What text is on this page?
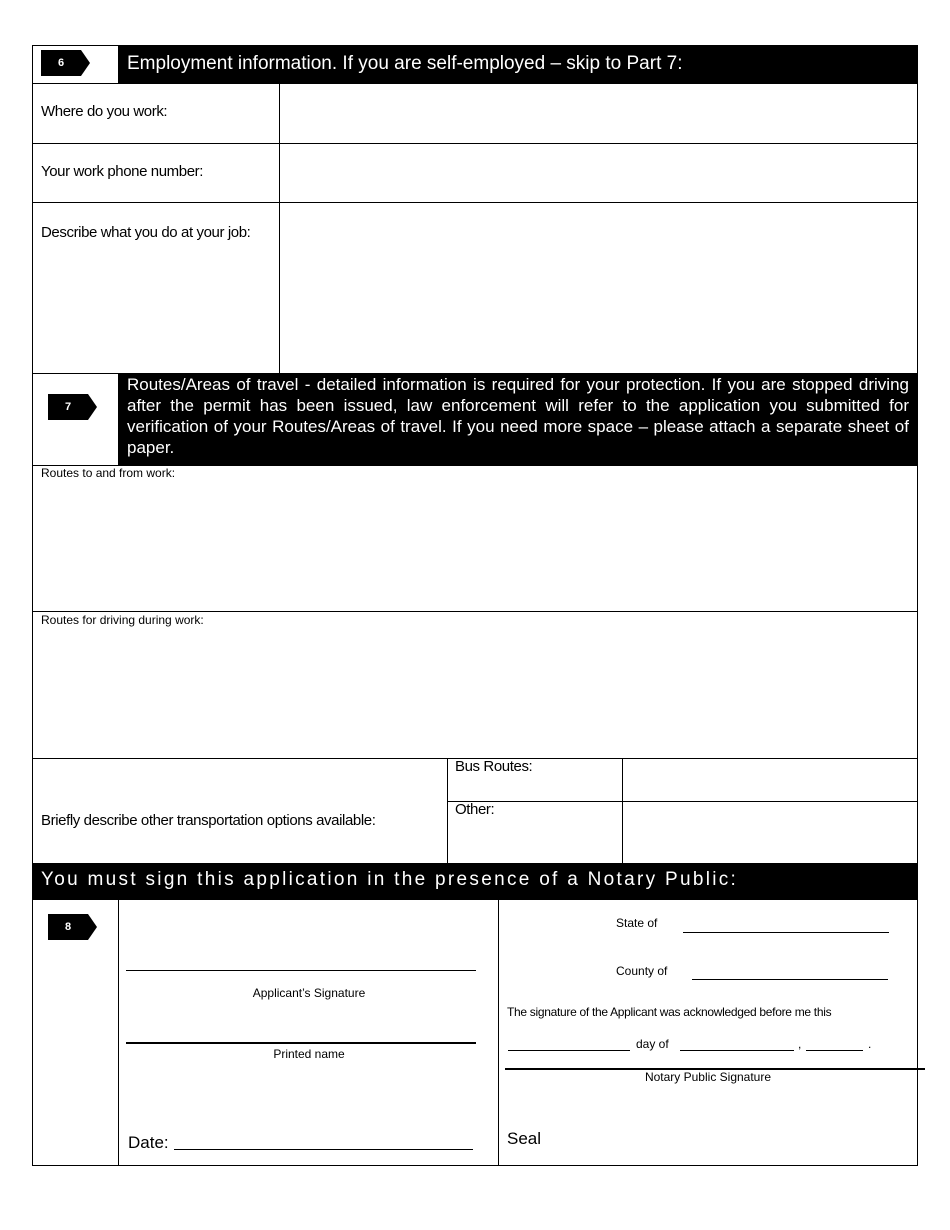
6	Employment information. If you are self-employed – skip to Part 7:
Where do you work:
Your work phone number:
Describe what you do at your job:
7
Routes/Areas of travel - detailed information is required for your protection. If you are stopped driving after the permit has been issued, law enforcement will refer to the application you submitted for verification of your Routes/Areas of travel. If you need more space – please attach a separate sheet of paper.
Routes to and from work:
Routes for driving during work:
Briefly describe other transportation options available:
Bus Routes:
Other:
You must sign this application in the presence of a Notary Public:
8
Applicant’s Signature
Printed name
Date:
State of
County of
The signature of the Applicant was acknowledged before me this
day of	,	.
Notary Public Signature
Seal
